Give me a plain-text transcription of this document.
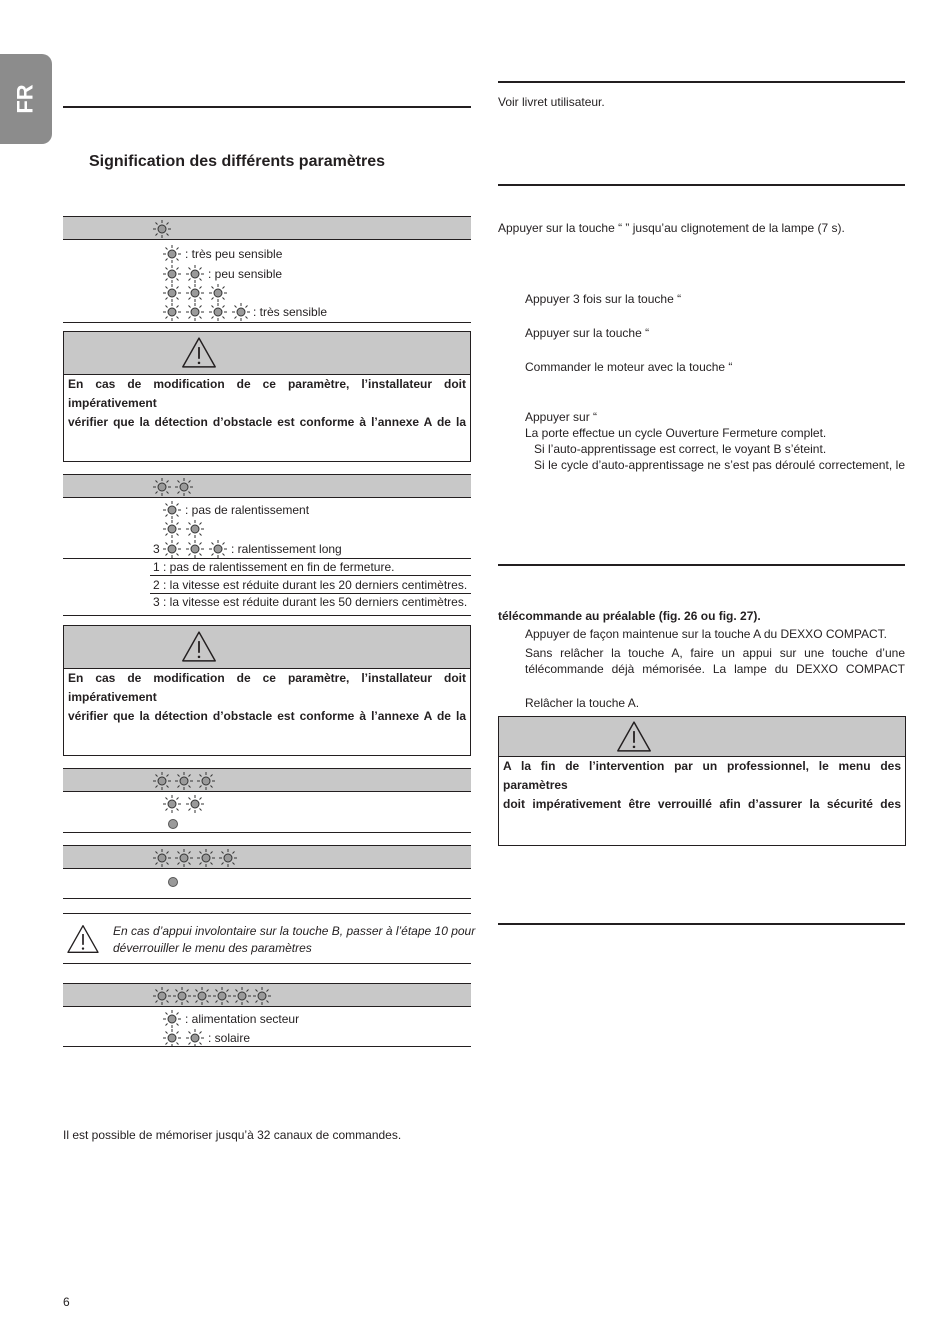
FR
Signification des différents paramètres
: très peu sensible
: peu sensible
: très sensible
En cas de modification de ce paramètre, l’installateur doit impérativement
vérifier que la détection d’obstacle est conforme à l’annexe A de la
: pas de ralentissement
3	: ralentissement long
1 : pas de ralentissement en fin de fermeture.
2 : la vitesse est réduite durant les 20 derniers centimètres.
3 : la vitesse est réduite durant les 50 derniers centimètres.
En cas de modification de ce paramètre, l’installateur doit impérativement
vérifier que la détection d’obstacle est conforme à l’annexe A de la
En cas d’appui involontaire sur la touche B, passer à l’étape 10 pour
déverrouiller le menu des paramètres
: alimentation secteur
: solaire
Il est possible de mémoriser jusqu’à 32 canaux de commandes.
6
Voir livret utilisateur.
Appuyer sur la touche “ ” jusqu’au clignotement de la lampe (7 s).
Appuyer 3 fois sur la touche “
Appuyer sur la touche “
Commander le moteur avec la touche “
Appuyer sur “
La porte effectue un cycle Ouverture Fermeture complet.
Si l’auto-apprentissage est correct, le voyant B s’éteint.
Si le cycle d’auto-apprentissage ne s’est pas déroulé correctement, le
télécommande au préalable (fig. 26 ou fig. 27).
Appuyer de façon maintenue sur la touche A du DEXXO COMPACT.
Sans relâcher la touche A, faire un appui sur une touche d’une
télécommande déjà mémorisée. La lampe du DEXXO COMPACT
Relâcher la touche A.
A la fin de l’intervention par un professionnel, le menu des paramètres
doit impérativement être verrouillé afin d’assurer la sécurité des
